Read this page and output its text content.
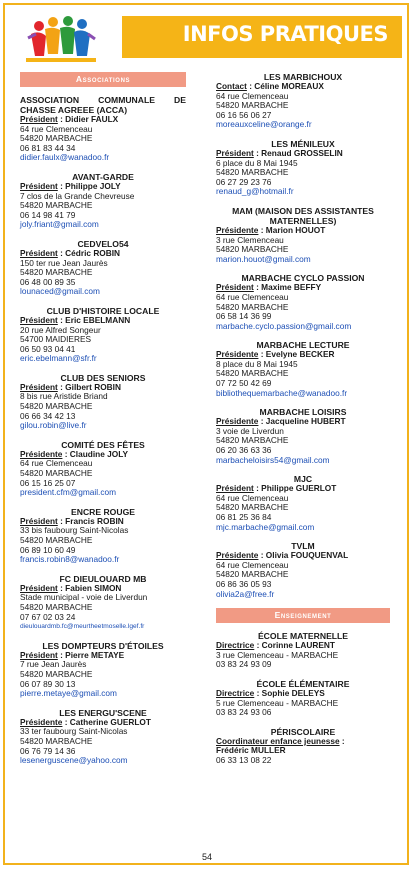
INFOS PRATIQUES
Associations
ASSOCIATION COMMUNALE DE CHASSE AGREEE (ACCA)
Président : Didier FAULX
64 rue Clemenceau
54820 MARBACHE
06 81 83 44 34
didier.faulx@wanadoo.fr
AVANT-GARDE
Président : Philippe JOLY
7 clos de la Grande Chevreuse
54820 MARBACHE
06 14 98 41 79
joly.friant@gmail.com
CEDVELO54
Président : Cédric ROBIN
150 ter rue Jean Jaurès
54820 MARBACHE
06 48 00 89 35
lounaced@gmail.com
CLUB D'HISTOIRE LOCALE
Président : Eric EBELMANN
20 rue Alfred Songeur
54700 MAIDIERES
06 50 93 04 41
eric.ebelmann@sfr.fr
CLUB DES SENIORS
Président : Gilbert ROBIN
8 bis rue Aristide Briand
54820 MARBACHE
06 66 34 42 13
gilou.robin@live.fr
COMITÉ DES FÊTES
Présidente : Claudine JOLY
64 rue Clemenceau
54820 MARBACHE
06 15 16 25 07
president.cfm@gmail.com
ENCRE ROUGE
Président : Francis ROBIN
33 bis faubourg Saint-Nicolas
54820 MARBACHE
06 89 10 60 49
francis.robin8@wanadoo.fr
FC DIEULOUARD MB
Président : Fabien SIMON
Stade municipal - voie de Liverdun
54820 MARBACHE
07 67 02 03 24
dieulouardmb.fc@meurtheetmoselle.lgef.fr
LES DOMPTEURS D'ÉTOILES
Président : Pierre METAYE
7 rue Jean Jaurès
54820 MARBACHE
06 07 89 30 13
pierre.metaye@gmail.com
LES ENERGU'SCENE
Présidente : Catherine GUERLOT
33 ter faubourg Saint-Nicolas
54820 MARBACHE
06 76 79 14 36
lesenerguscene@yahoo.com
LES MARBICHOUX
Contact : Céline MOREAUX
64 rue Clemenceau
54820 MARBACHE
06 16 56 06 27
moreauxceline@orange.fr
LES MÉNILEUX
Président : Renaud GROSSELIN
6 place du 8 Mai 1945
54820 MARBACHE
06 27 29 23 76
renaud_g@hotmail.fr
MAM (MAISON DES ASSISTANTES MATERNELLES)
Présidente : Marion HOUOT
3 rue Clemenceau
54820 MARBACHE
marion.houot@gmail.com
MARBACHE CYCLO PASSION
Président : Maxime BEFFY
64 rue Clemenceau
54820 MARBACHE
06 58 14 36 99
marbache.cyclo.passion@gmail.com
MARBACHE LECTURE
Présidente : Evelyne BECKER
8 place du 8 Mai 1945
54820 MARBACHE
07 72 50 42 69
bibliothequemarbache@wanadoo.fr
MARBACHE LOISIRS
Présidente : Jacqueline HUBERT
3 voie de Liverdun
54820 MARBACHE
06 20 36 63 36
marbacheloisirs54@gmail.com
MJC
Président : Philippe GUERLOT
64 rue Clemenceau
54820 MARBACHE
06 81 25 36 84
mjc.marbache@gmail.com
TVLM
Présidente : Olivia FOUQUENVAL
64 rue Clemenceau
54820 MARBACHE
06 86 36 05 93
olivia2a@free.fr
Enseignement
ÉCOLE MATERNELLE
Directrice : Corinne LAURENT
3 rue Clemenceau - MARBACHE
03 83 24 93 09
ÉCOLE ÉLÉMENTAIRE
Directrice : Sophie DELEYS
5 rue Clemenceau - MARBACHE
03 83 24 93 06
PÉRISCOLAIRE
Coordinateur enfance jeunesse :
Frédéric MULLER
06 33 13 08 22
54
